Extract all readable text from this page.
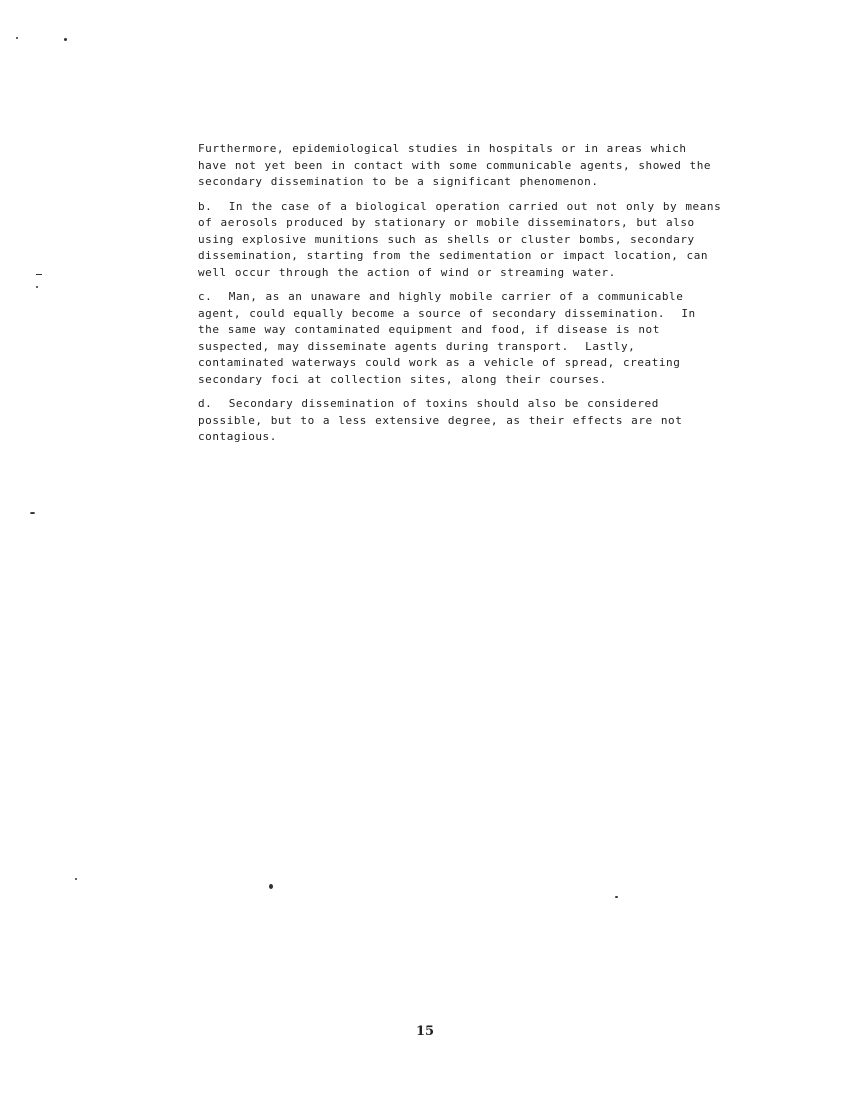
Furthermore, epidemiological studies in hospitals or in areas which
have not yet been in contact with some communicable agents, showed the
secondary dissemination to be a significant phenomenon.

b.  In the case of a biological operation carried out not only by means
of aerosols produced by stationary or mobile disseminators, but also
using explosive munitions such as shells or cluster bombs, secondary
dissemination, starting from the sedimentation or impact location, can
well occur through the action of wind or streaming water.

c.  Man, as an unaware and highly mobile carrier of a communicable
agent, could equally become a source of secondary dissemination.  In
the same way contaminated equipment and food, if disease is not
suspected, may disseminate agents during transport.  Lastly,
contaminated waterways could work as a vehicle of spread, creating
secondary foci at collection sites, along their courses.

d.  Secondary dissemination of toxins should also be considered
possible, but to a less extensive degree, as their effects are not
contagious.

15
